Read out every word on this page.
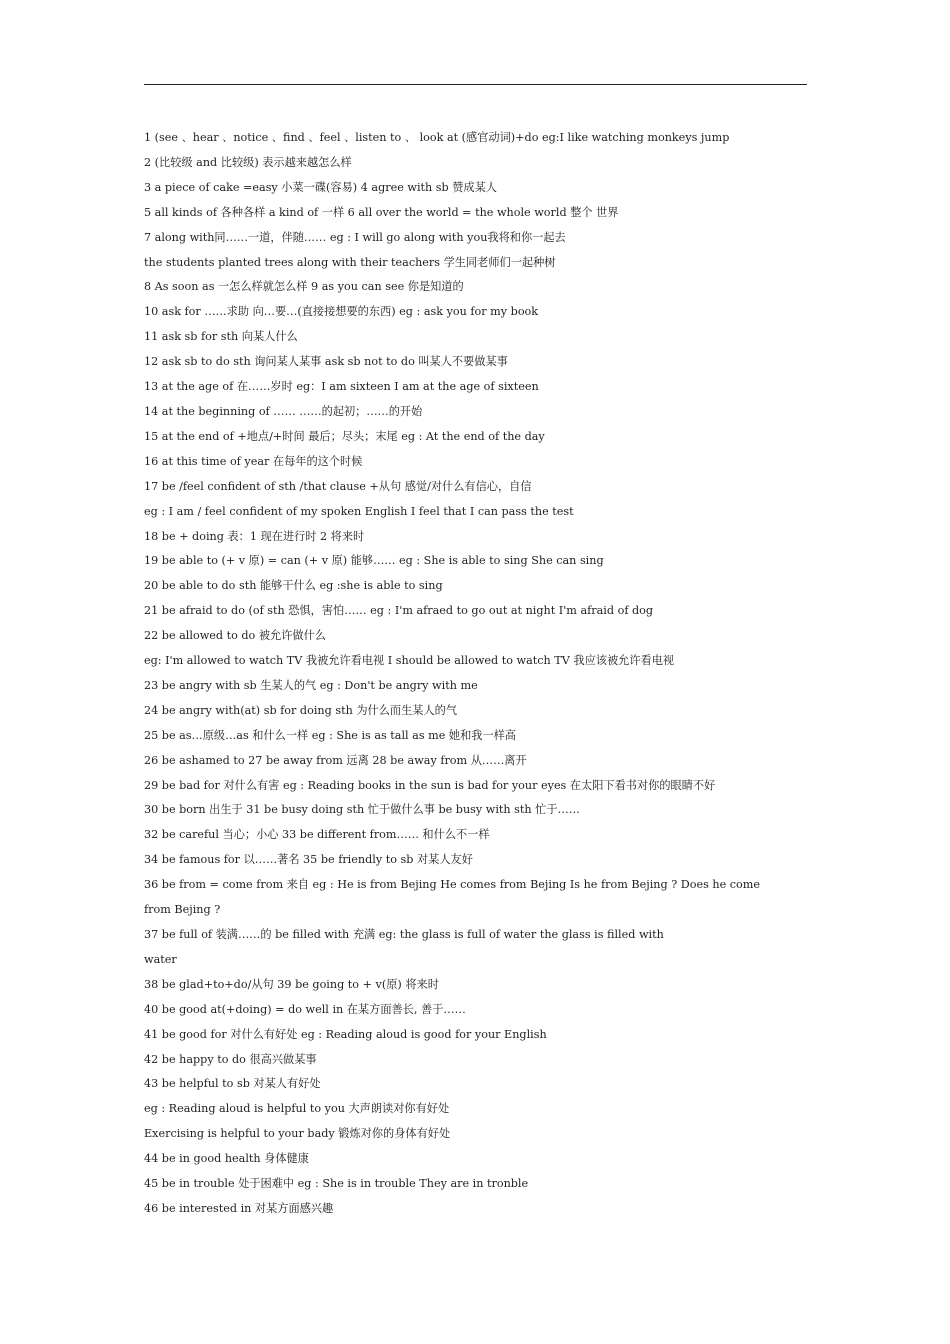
1 (see 、hear 、notice 、find 、feel 、listen to 、 look at (感官动词)+do eg:I like watching monkeys jump
2 (比较级 and 比较级) 表示越来越怎么样
3 a piece of cake =easy 小菜一碟(容易) 4 agree with sb 赞成某人
5 all kinds of 各种各样 a kind of 一样 6 all over the world = the whole world 整个 世界
7 along with同……一道，伴随…… eg : I will go along with you我将和你一起去
the students planted trees along with their teachers 学生同老师们一起种树
8 As soon as 一怎么样就怎么样 9 as you can see 你是知道的
10 ask for ……求助 向…要…(直接接想要的东西) eg : ask you for my book
11 ask sb for sth 向某人什么
12 ask sb to do sth 询问某人某事 ask sb not to do 叫某人不要做某事
13 at the age of 在……岁时 eg：I am sixteen I am at the age of sixteen
14 at the beginning of …… ……的起初；……的开始
15 at the end of +地点/+时间 最后；尽头；末尾 eg : At the end of the day
16 at this time of year 在每年的这个时候
17 be /feel confident of sth /that clause +从句 感觉/对什么有信心，自信
eg : I am / feel confident of my spoken English I feel that I can pass the test
18 be + doing 表：1 现在进行时 2 将来时
19 be able to (+ v 原) = can (+ v 原) 能够…… eg : She is able to sing She can sing
20 be able to do sth 能够干什么 eg :she is able to sing
21 be afraid to do (of sth 恐惧，害怕…… eg : I'm afraed to go out at night I'm afraid of dog
22 be allowed to do 被允许做什么
eg: I'm allowed to watch TV 我被允许看电视 I should be allowed to watch TV 我应该被允许看电视
23 be angry with sb 生某人的气 eg : Don't be angry with me
24 be angry with(at) sb for doing sth 为什么而生某人的气
25 be as…原级…as 和什么一样 eg : She is as tall as me 她和我一样高
26 be ashamed to 27 be away from 远离 28 be away from 从……离开
29 be bad for 对什么有害 eg : Reading books in the sun is bad for your eyes 在太阳下看书对你的眼睛不好
30 be born 出生于 31 be busy doing sth 忙于做什么事 be busy with sth 忙于……
32 be careful 当心；小心 33 be different from…… 和什么不一样
34 be famous for 以……著名 35 be friendly to sb 对某人友好
36 be from = come from 来自 eg : He is from Bejing He comes from Bejing Is he from Bejing ? Does he come
from Bejing ?
37 be full of 装满……的 be filled with 充满 eg: the glass is full of water the glass is filled with
water
38 be glad+to+do/从句 39 be going to + v(原) 将来时
40 be good at(+doing) = do well in 在某方面善长, 善于……
41 be good for 对什么有好处 eg : Reading aloud is good for your English
42 be happy to do 很高兴做某事
43 be helpful to sb 对某人有好处
eg : Reading aloud is helpful to you 大声朗读对你有好处
Exercising is helpful to your bady 锻炼对你的身体有好处
44 be in good health 身体健康
45 be in trouble 处于困难中 eg : She is in trouble They are in tronble
46 be interested in 对某方面感兴趣
